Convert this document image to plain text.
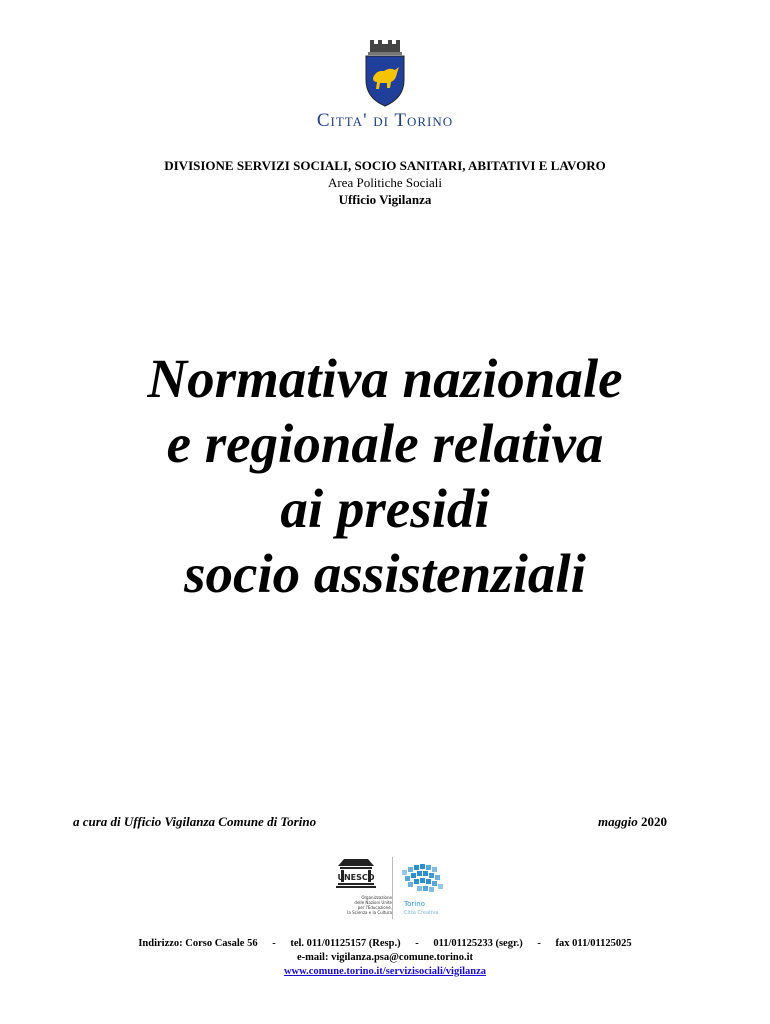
Citta' di Torino
DIVISIONE SERVIZI SOCIALI, SOCIO SANITARI, ABITATIVI E LAVORO
Area Politiche Sociali
Ufficio Vigilanza
Normativa nazionale
e regionale relativa
ai presidi
socio assistenziali
a cura di Ufficio Vigilanza Comune di Torino	maggio 2020
UNESCO
Organizzazione
delle Nazioni Unite
per l'Educazione,
la Scienza e la Cultura
Torino
Città Creativa
Indirizzo: Corso Casale 56 - tel. 011/01125157 (Resp.) - 011/01125233 (segr.) - fax 011/01125025
e-mail: vigilanza.psa@comune.torino.it
www.comune.torino.it/servizisociali/vigilanza
